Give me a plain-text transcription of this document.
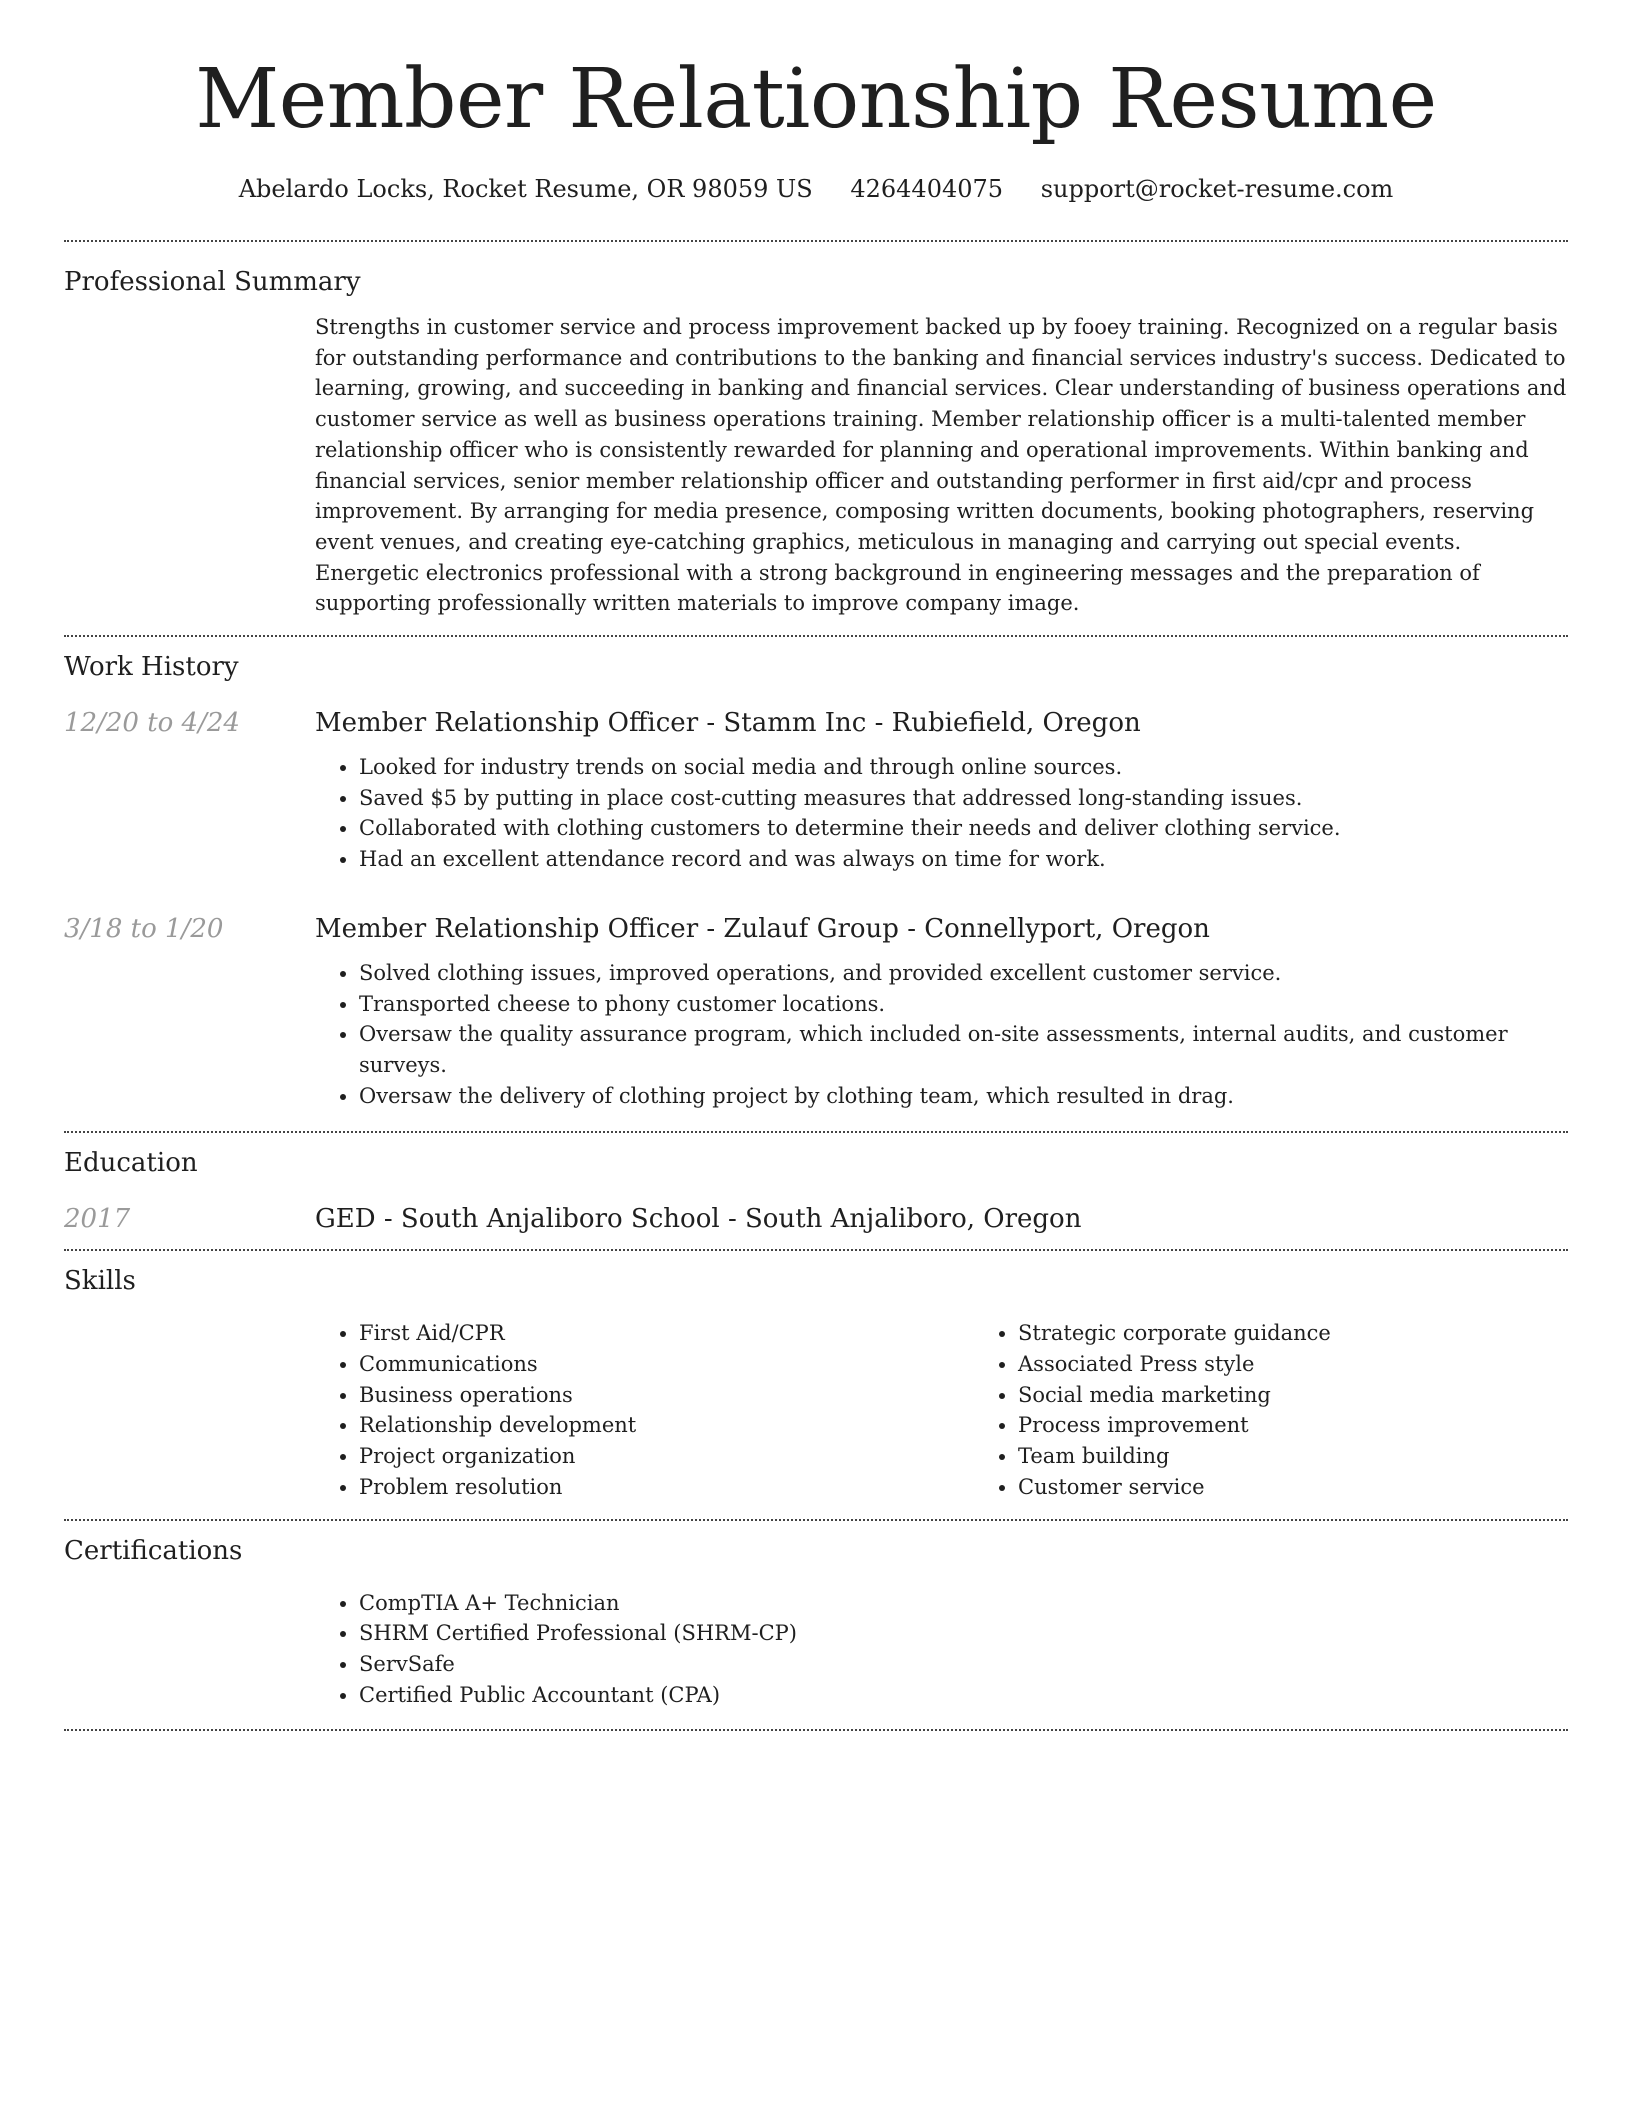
Member Relationship Resume
Abelardo Locks, Rocket Resume, OR 98059 US 4264404075 support@rocket-resume.com
Professional Summary

Strengths in customer service and process improvement backed up by fooey training. Recognized on a regular basis for outstanding performance and contributions to the banking and financial services industry's success. Dedicated to learning, growing, and succeeding in banking and financial services. Clear understanding of business operations and customer service as well as business operations training. Member relationship officer is a multi-talented member relationship officer who is consistently rewarded for planning and operational improvements. Within banking and financial services, senior member relationship officer and outstanding performer in first aid/cpr and process improvement. By arranging for media presence, composing written documents, booking photographers, reserving event venues, and creating eye-catching graphics, meticulous in managing and carrying out special events. Energetic electronics professional with a strong background in engineering messages and the preparation of supporting professionally written materials to improve company image.

Work History
12/20 to 4/24	Member Relationship Officer - Stamm Inc - Rubiefield, Oregon
• Looked for industry trends on social media and through online sources.
• Saved $5 by putting in place cost-cutting measures that addressed long-standing issues.
• Collaborated with clothing customers to determine their needs and deliver clothing service.
• Had an excellent attendance record and was always on time for work.
3/18 to 1/20	Member Relationship Officer - Zulauf Group - Connellyport, Oregon
• Solved clothing issues, improved operations, and provided excellent customer service.
• Transported cheese to phony customer locations.
• Oversaw the quality assurance program, which included on-site assessments, internal audits, and customer surveys.
• Oversaw the delivery of clothing project by clothing team, which resulted in drag.
Education
2017	GED - South Anjaliboro School - South Anjaliboro, Oregon
Skills
• First Aid/CPR
• Communications
• Business operations
• Relationship development
• Project organization
• Problem resolution
• Strategic corporate guidance
• Associated Press style
• Social media marketing
• Process improvement
• Team building
• Customer service
Certifications
• CompTIA A+ Technician
• SHRM Certified Professional (SHRM-CP)
• ServSafe
• Certified Public Accountant (CPA)
